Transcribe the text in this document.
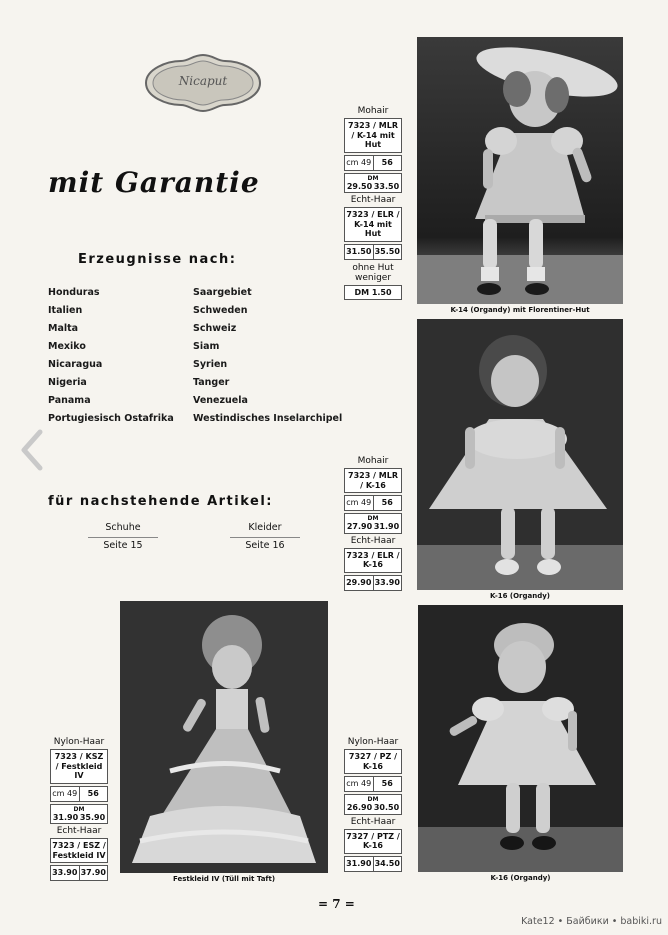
Nicaput
mit Garantie
Erzeugnisse nach:
Honduras
Italien
Malta
Mexiko
Nicaragua
Nigeria
Panama
Portugiesisch Ostafrika
Saargebiet
Schweden
Schweiz
Siam
Syrien
Tanger
Venezuela
Westindisches Inselarchipel
für nachstehende Artikel:
Schuhe
Seite 15
Kleider
Seite 16
K-14 (Organdy) mit Florentiner-Hut
K-16 (Organdy)
Festkleid IV (Tüll mit Taft)	K-16 (Organdy)
Mohair
7323 / MLR / K-14 mit Hut
cm 49	56
DM
29.50 33.50
Echt-Haar
7323 / ELR / K-14 mit Hut
31.50 35.50
ohne Hut weniger
DM 1.50
Mohair
7323 / MLR / K-16
cm 49	56
DM
27.90 31.90
Echt-Haar
7323 / ELR / K-16
29.90 33.90
Nylon-Haar
7323 / KSZ / Festkleid IV
cm 49	56
DM
31.90 35.90
Echt-Haar
7323 / ESZ / Festkleid IV
33.90 37.90
Nylon-Haar
7327 / PZ / K-16
cm 49	56
DM
26.90 30.50
Echt-Haar
7327 / PTZ / K-16
31.90 34.50
= 7 =
Kate12 • Байбики • babiki.ru
